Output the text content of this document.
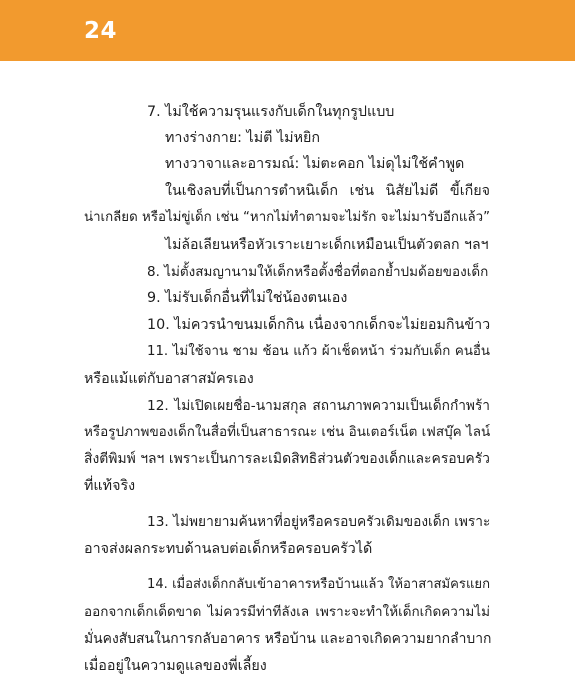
24
7. ไม่ใช้ความรุนแรงกับเด็กในทุกรูปแบบ
ทางร่างกาย: ไม่ตี ไม่หยิก
ทางวาจาและอารมณ์: ไม่ตะคอก ไม่ดุไม่ใช้คำพูด
ในเชิงลบที่เป็นการตำหนิเด็ก เช่น นิสัยไม่ดี ขี้เกียจ
น่าเกลียด หรือไม่ขู่เด็ก เช่น “หากไม่ทำตามจะไม่รัก จะไม่มารับอีกแล้ว”
ไม่ล้อเลียนหรือหัวเราะเยาะเด็กเหมือนเป็นตัวตลก ฯลฯ
8. ไม่ตั้งสมญานามให้เด็กหรือตั้งชื่อที่ตอกย้ำปมด้อยของเด็ก
9. ไม่รับเด็กอื่นที่ไม่ใช่น้องตนเอง
10. ไม่ควรนำขนมเด็กกิน เนื่องจากเด็กจะไม่ยอมกินข้าว
11. ไม่ใช้จาน ชาม ช้อน แก้ว ผ้าเช็ดหน้า ร่วมกับเด็ก คนอื่น
หรือแม้แต่กับอาสาสมัครเอง
12. ไม่เปิดเผยชื่อ-นามสกุล สถานภาพความเป็นเด็กกำพร้า
หรือรูปภาพของเด็กในสื่อที่เป็นสาธารณะ เช่น อินเตอร์เน็ต เฟสบุ๊ค ไลน์
สิ่งตีพิมพ์ ฯลฯ เพราะเป็นการละเมิดสิทธิส่วนตัวของเด็กและครอบครัว
ที่แท้จริง
13. ไม่พยายามค้นหาที่อยู่หรือครอบครัวเดิมของเด็ก เพราะ
อาจส่งผลกระทบด้านลบต่อเด็กหรือครอบครัวได้
14. เมื่อส่งเด็กกลับเข้าอาคารหรือบ้านแล้ว ให้อาสาสมัครแยก
ออกจากเด็กเด็ดขาด ไม่ควรมีท่าทีลังเล เพราะจะทำให้เด็กเกิดความไม่
มั่นคงสับสนในการกลับอาคาร หรือบ้าน และอาจเกิดความยากลำบาก
เมื่ออยู่ในความดูแลของพี่เลี้ยง
